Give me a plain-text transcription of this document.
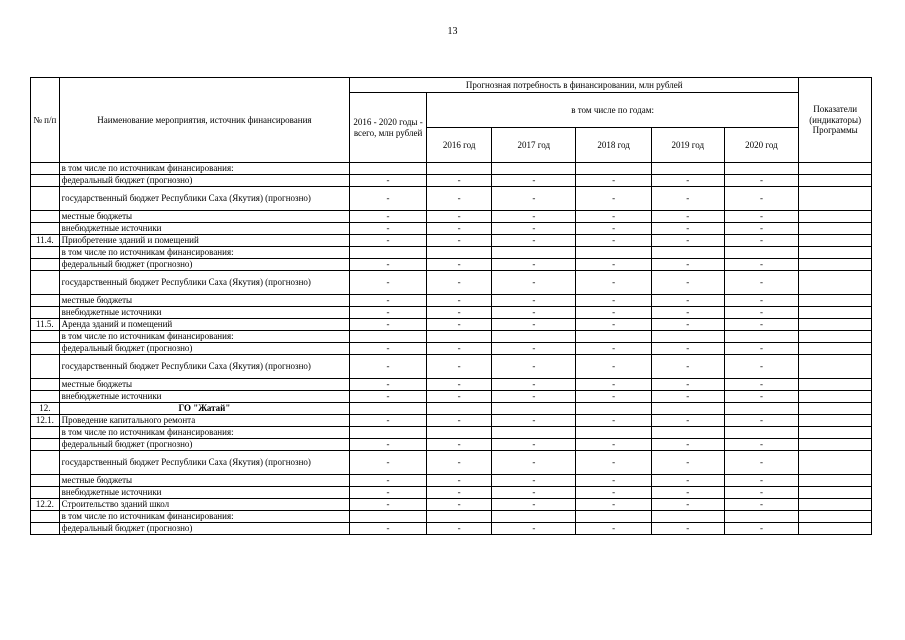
13
№ п/п	Наименование мероприятия, источник финансирования	Прогнозная потребность в финансировании, млн рублей						Показатели (индикаторы) Программы
		2016 - 2020 годы - всего, млн рублей	в том числе по годам:					
			2016 год	2017 год	2018 год	2019 год	2020 год	
	в том числе по источникам финансирования:							
	федеральный бюджет (прогнозно)	-	-	-	-	-	-	
	государственный бюджет Республики Саха (Якутия) (прогнозно)	-	-	-	-	-	-	
	местные бюджеты	-	-	-	-	-	-	
	внебюджетные источники	-	-	-	-	-	-	
11.4.	Приобретение зданий и помещений	-	-	-	-	-	-	
	в том числе по источникам финансирования:							
	федеральный бюджет (прогнозно)	-	-	-	-	-	-	
	государственный бюджет Республики Саха (Якутия) (прогнозно)	-	-	-	-	-	-	
	местные бюджеты	-	-	-	-	-	-	
	внебюджетные источники	-	-	-	-	-	-	
11.5.	Аренда зданий и помещений	-	-	-	-	-	-	
	в том числе по источникам финансирования:							
	федеральный бюджет (прогнозно)	-	-	-	-	-	-	
	государственный бюджет Республики Саха (Якутия) (прогнозно)	-	-	-	-	-	-	
	местные бюджеты	-	-	-	-	-	-	
	внебюджетные источники	-	-	-	-	-	-	
12.	ГО "Жатай"							
12.1.	Проведение капитального ремонта	-	-	-	-	-	-	
	в том числе по источникам финансирования:							
	федеральный бюджет (прогнозно)	-	-	-	-	-	-	
	государственный бюджет Республики Саха (Якутия) (прогнозно)	-	-	-	-	-	-	
	местные бюджеты	-	-	-	-	-	-	
	внебюджетные источники	-	-	-	-	-	-	
12.2.	Строительство зданий школ	-	-	-	-	-	-	
	в том числе по источникам финансирования:							
	федеральный бюджет (прогнозно)	-	-	-	-	-	-	
